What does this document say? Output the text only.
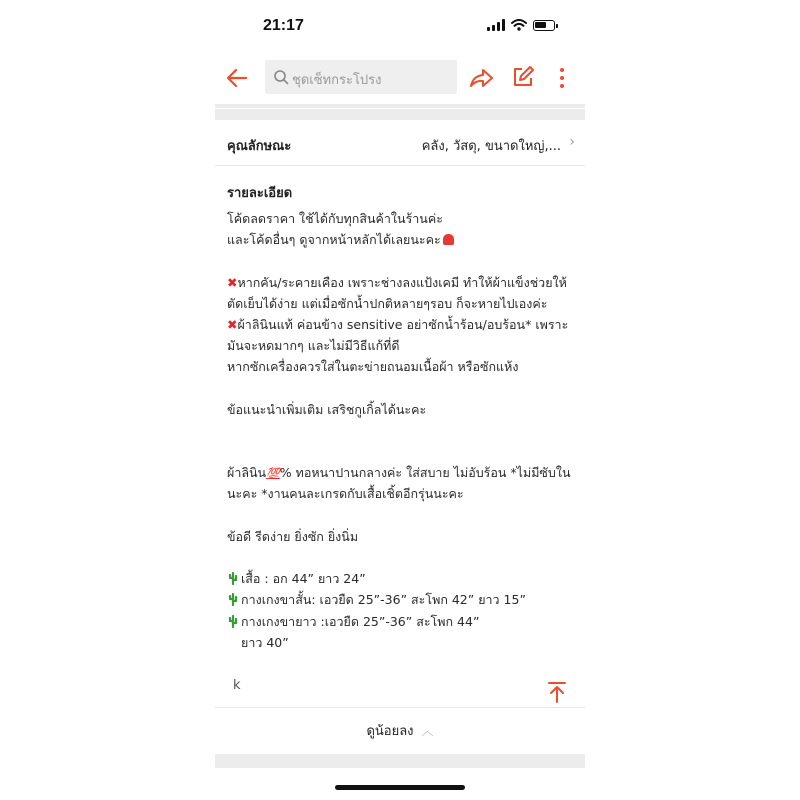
21:17
ชุดเซ็ทกระโปรง
คุณลักษณะ	คลัง, วัสดุ, ขนาดใหญ่,... ›
รายละเอียด
โค้ดลดราคา ใช้ได้กับทุกสินค้าในร้านค่ะ
และโค้ดอื่นๆ ดูจากหน้าหลักได้เลยนะคะ
✖หากคัน/ระคายเคือง เพราะช่างลงแป้งเคมี ทำให้ผ้าแข็งช่วยให้
ตัดเย็บได้ง่าย แต่เมื่อซักน้ำปกติหลายๆรอบ ก็จะหายไปเองค่ะ
✖ผ้าลินินแท้ ค่อนข้าง sensitive อย่าซักน้ำร้อน/อบร้อน* เพราะ
มันจะหดมากๆ และไม่มีวิธีแก้ที่ดี
หากซักเครื่องควรใส่ในตะข่ายถนอมเนื้อผ้า หรือซักแห้ง
ข้อแนะนำเพิ่มเติม เสริชกูเกิ้ลได้นะคะ
ผ้าลินิน💯% ทอหนาปานกลางค่ะ ใส่สบาย ไม่อับร้อน *ไม่มีซับใน
นะคะ *งานคนละเกรดกับเสื้อเชิ้ตอีกรุ่นนะคะ
ข้อดี รีดง่าย ยิ่งซัก ยิ่งนิ่ม
เสื้อ : อก 44” ยาว 24”
กางเกงขาสั้น: เอวยืด 25”-36” สะโพก 42” ยาว 15”
กางเกงขายาว :เอวยืด 25”-36” สะโพก 44”
ยาว 40”
k
ดูน้อยลง ︿
